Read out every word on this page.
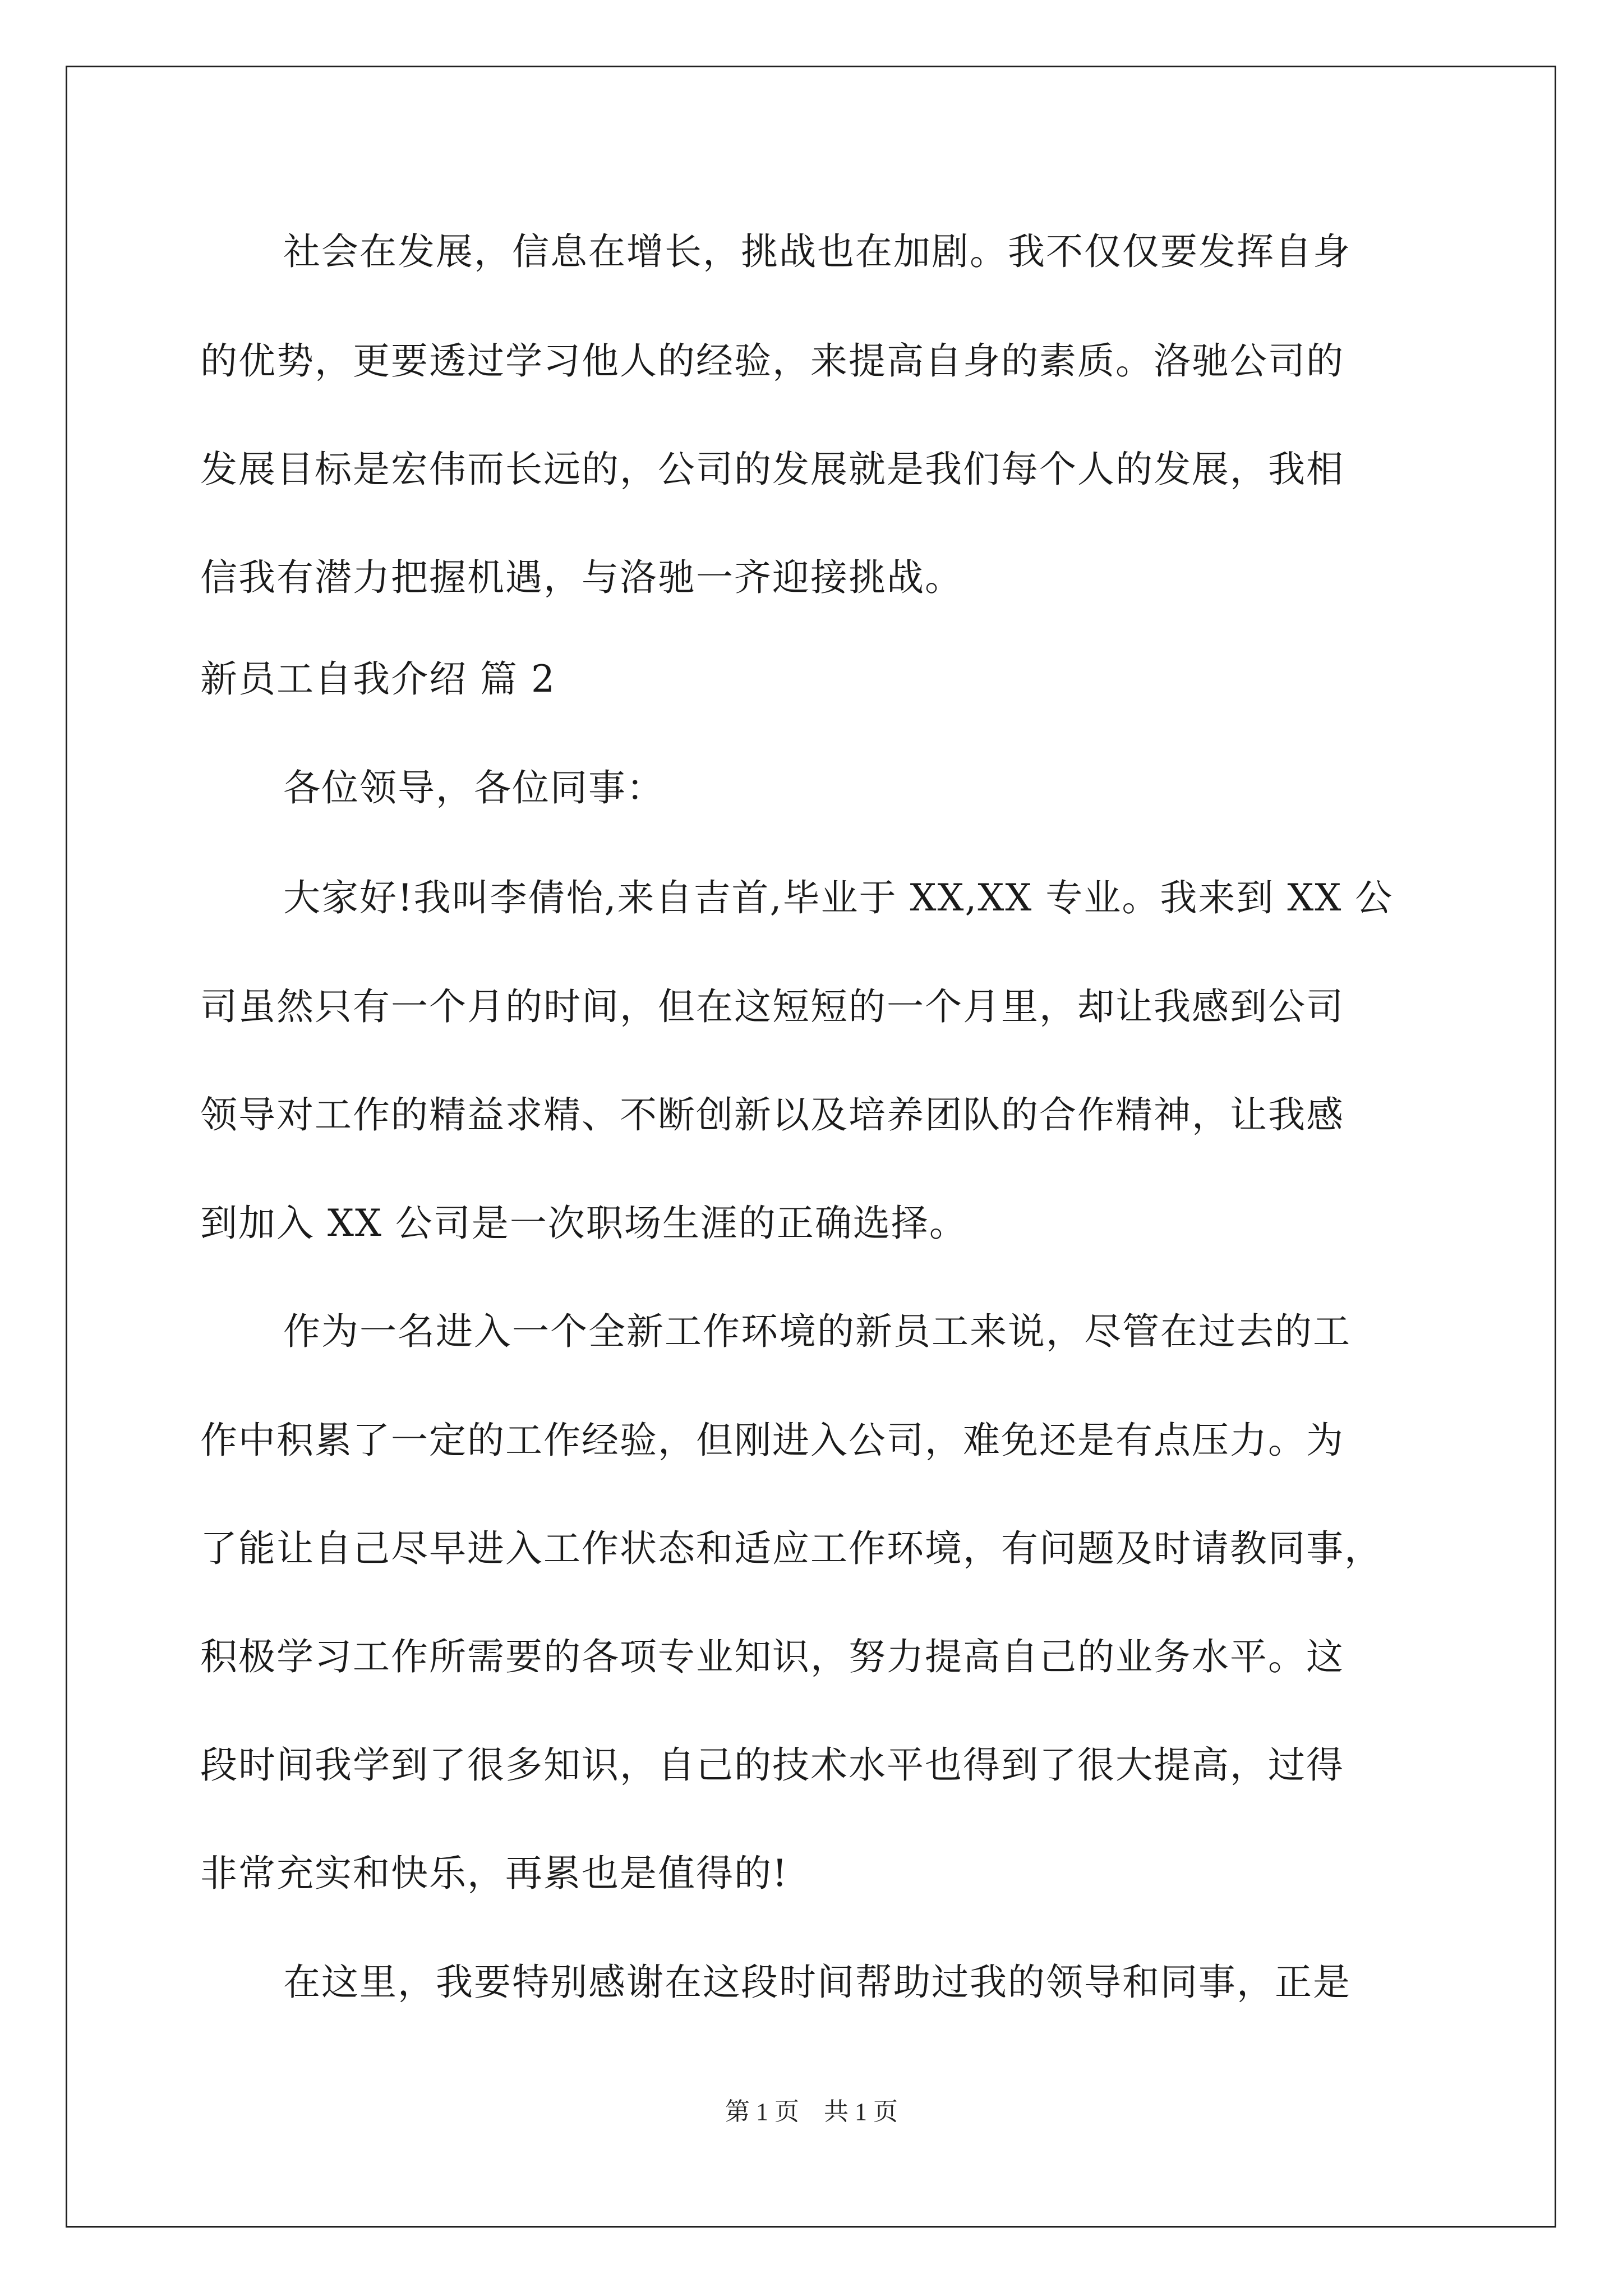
社会在发展，信息在增长，挑战也在加剧。我不仅仅要发挥自身
的优势，更要透过学习他人的经验，来提高自身的素质。洛驰公司的
发展目标是宏伟而长远的，公司的发展就是我们每个人的发展，我相
信我有潜力把握机遇，与洛驰一齐迎接挑战。
新员工自我介绍 篇 2
各位领导，各位同事：
大家好!我叫李倩怡,来自吉首,毕业于 XX,XX 专业。我来到 XX 公
司虽然只有一个月的时间，但在这短短的一个月里，却让我感到公司
领导对工作的精益求精、不断创新以及培养团队的合作精神，让我感
到加入 XX 公司是一次职场生涯的正确选择。
作为一名进入一个全新工作环境的新员工来说，尽管在过去的工
作中积累了一定的工作经验，但刚进入公司，难免还是有点压力。为
了能让自己尽早进入工作状态和适应工作环境，有问题及时请教同事，
积极学习工作所需要的各项专业知识，努力提高自己的业务水平。这
段时间我学到了很多知识，自己的技术水平也得到了很大提高，过得
非常充实和快乐，再累也是值得的!
在这里，我要特别感谢在这段时间帮助过我的领导和同事，正是
第 1 页　共 1 页
